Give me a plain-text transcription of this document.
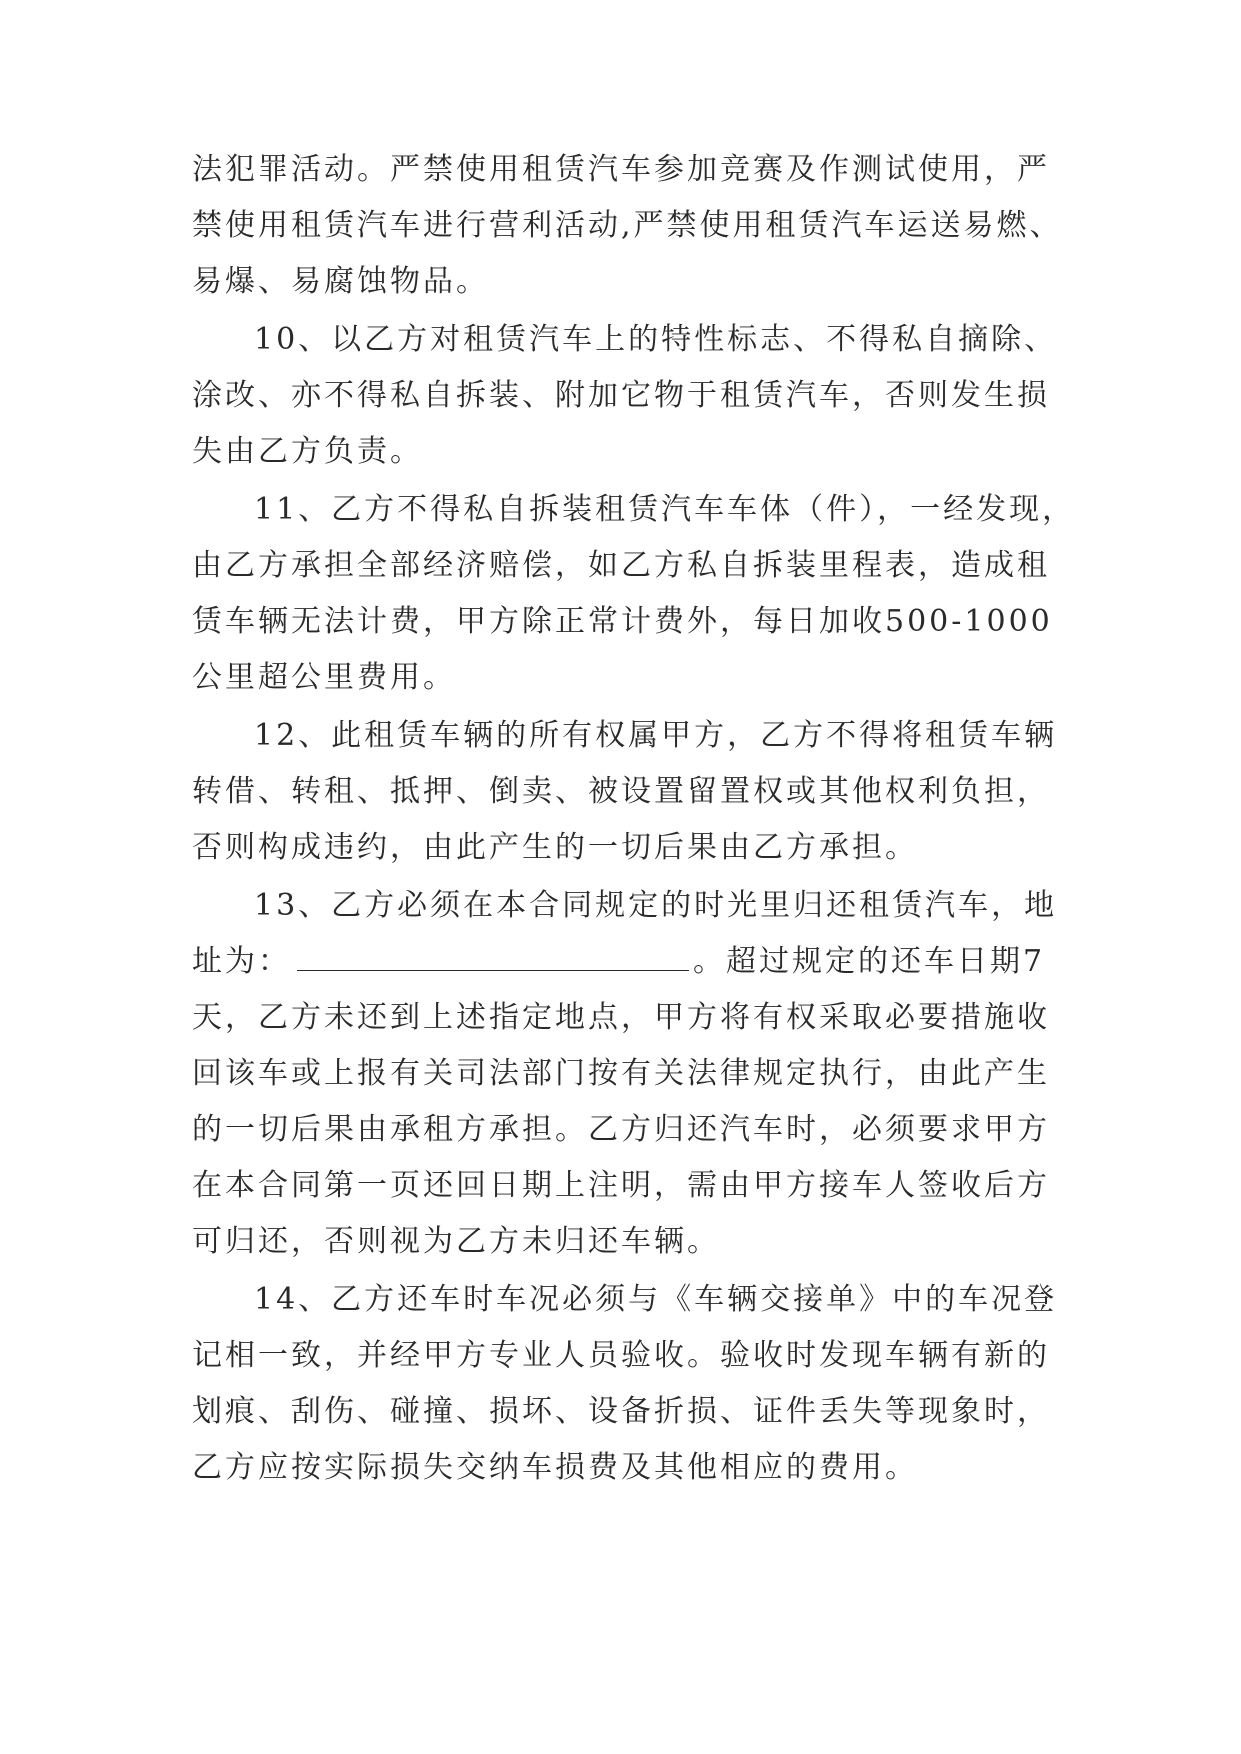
法犯罪活动。严禁使用租赁汽车参加竞赛及作测试使用，严
禁使用租赁汽车进行营利活动,严禁使用租赁汽车运送易燃、
易爆、易腐蚀物品。
10、以乙方对租赁汽车上的特性标志、不得私自摘除、
涂改、亦不得私自拆装、附加它物于租赁汽车，否则发生损
失由乙方负责。
11、乙方不得私自拆装租赁汽车车体（件），一经发现，
由乙方承担全部经济赔偿，如乙方私自拆装里程表，造成租
赁车辆无法计费，甲方除正常计费外，每日加收500-1000
公里超公里费用。
12、此租赁车辆的所有权属甲方，乙方不得将租赁车辆
转借、转租、抵押、倒卖、被设置留置权或其他权利负担，
否则构成违约，由此产生的一切后果由乙方承担。
13、乙方必须在本合同规定的时光里归还租赁汽车，地
址为：	。超过规定的还车日期7
天，乙方未还到上述指定地点，甲方将有权采取必要措施收
回该车或上报有关司法部门按有关法律规定执行，由此产生
的一切后果由承租方承担。乙方归还汽车时，必须要求甲方
在本合同第一页还回日期上注明，需由甲方接车人签收后方
可归还，否则视为乙方未归还车辆。
14、乙方还车时车况必须与《车辆交接单》中的车况登
记相一致，并经甲方专业人员验收。验收时发现车辆有新的
划痕、刮伤、碰撞、损坏、设备折损、证件丢失等现象时，
乙方应按实际损失交纳车损费及其他相应的费用。
